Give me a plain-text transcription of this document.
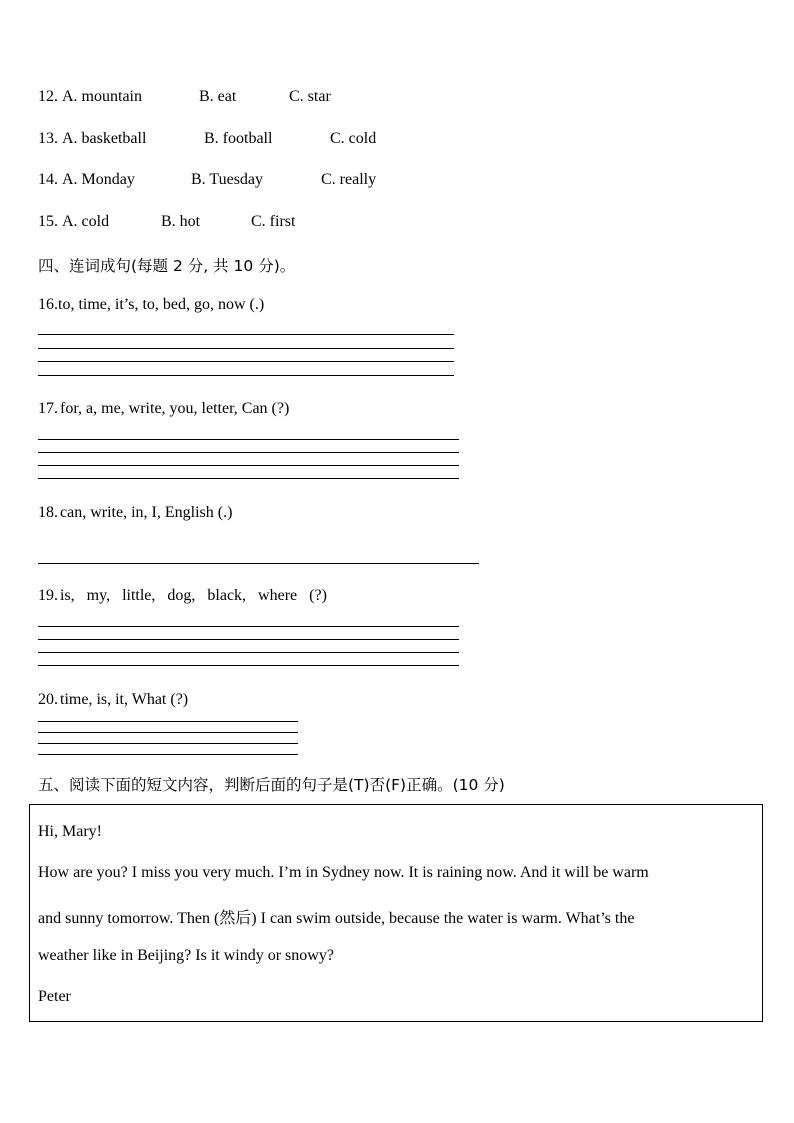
12. A. mountain	B. eat	C. star
13. A. basketball	B. football	C. cold
14. A. Monday	B. Tuesday	C. really
15. A. cold	B. hot	C. first
四、连词成句(每题 2 分, 共 10 分)。
16. to, time, it’s, to, bed, go, now (.)
17. for, a, me, write, you, letter, Can (?)
18. can, write, in, I, English (.)
19. is,   my,   little,   dog,   black,   where   (?)
20. time, is, it, What (?)
五、阅读下面的短文内容，判断后面的句子是(T)否(F)正确。(10 分)
Hi, Mary!
How are you? I miss you very much. I’m in Sydney now. It is raining now. And it will be warm
and sunny tomorrow. Then (然后) I can swim outside, because the water is warm. What’s the
weather like in Beijing? Is it windy or snowy?
Peter
